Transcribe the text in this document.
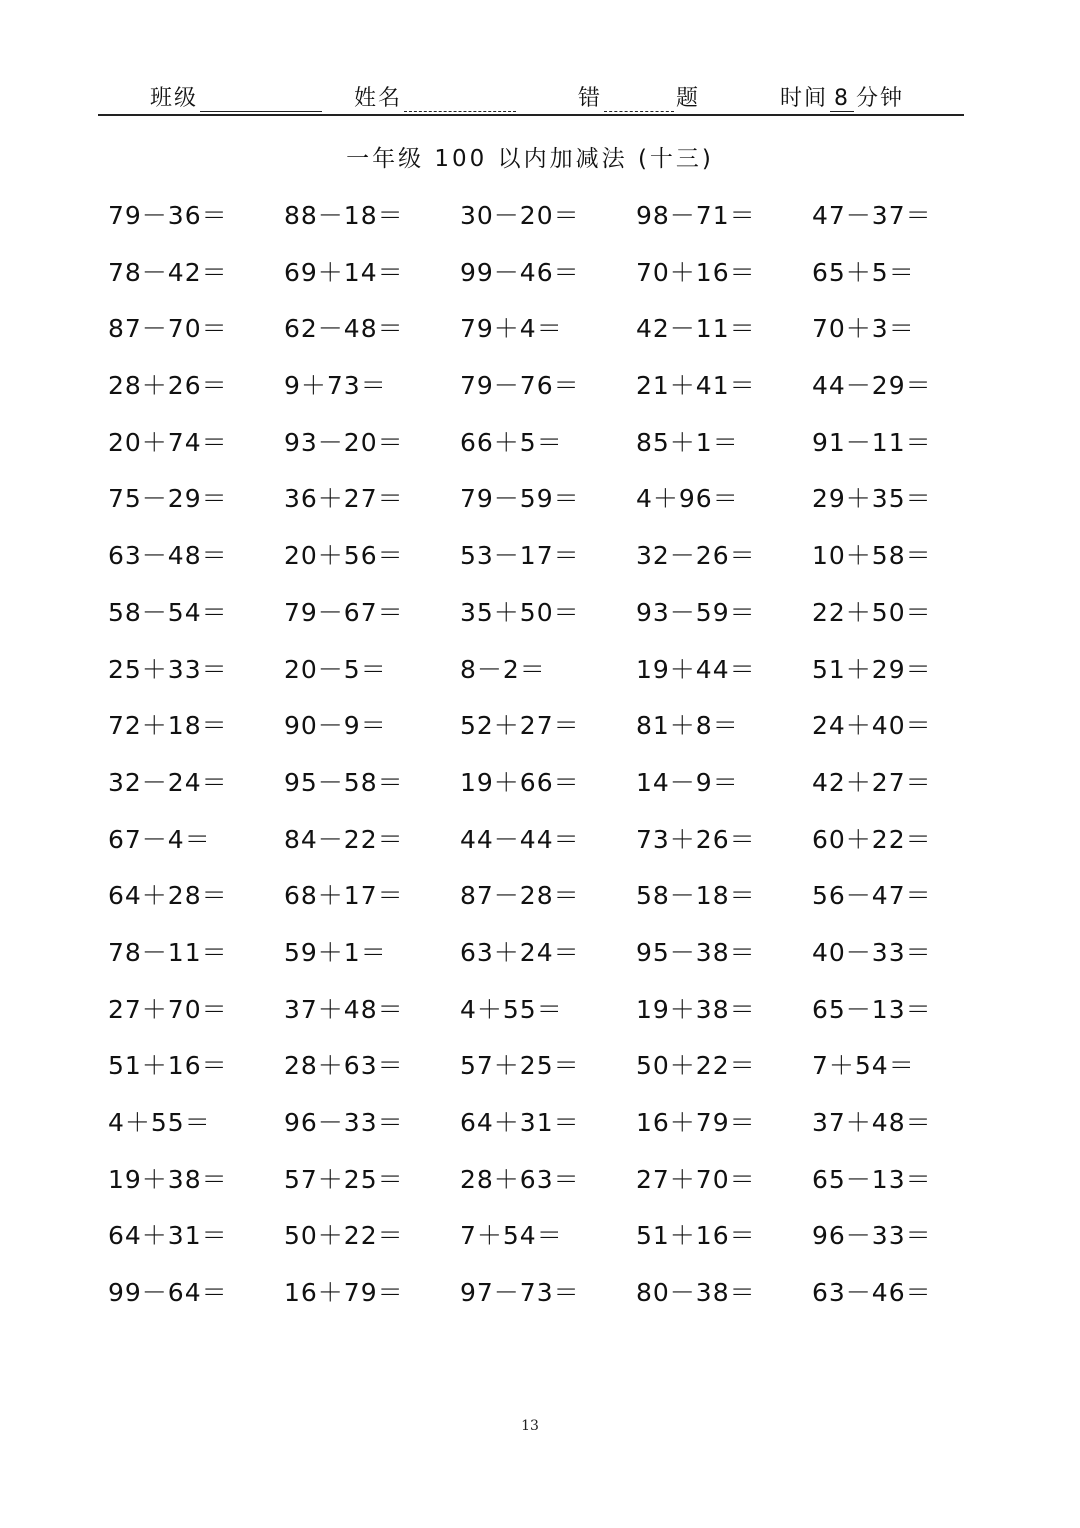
班级	姓名	错	题	时间 8 分钟
一年级 100 以内加减法 (十三)
79－36＝	88－18＝	30－20＝	98－71＝	47－37＝
78－42＝	69＋14＝	99－46＝	70＋16＝	65＋5＝
87－70＝	62－48＝	79＋4＝	42－11＝	70＋3＝
28＋26＝	9＋73＝	79－76＝	21＋41＝	44－29＝
20＋74＝	93－20＝	66＋5＝	85＋1＝	91－11＝
75－29＝	36＋27＝	79－59＝	4＋96＝	29＋35＝
63－48＝	20＋56＝	53－17＝	32－26＝	10＋58＝
58－54＝	79－67＝	35＋50＝	93－59＝	22＋50＝
25＋33＝	20－5＝	8－2＝	19＋44＝	51＋29＝
72＋18＝	90－9＝	52＋27＝	81＋8＝	24＋40＝
32－24＝	95－58＝	19＋66＝	14－9＝	42＋27＝
67－4＝	84－22＝	44－44＝	73＋26＝	60＋22＝
64＋28＝	68＋17＝	87－28＝	58－18＝	56－47＝
78－11＝	59＋1＝	63＋24＝	95－38＝	40－33＝
27＋70＝	37＋48＝	4＋55＝	19＋38＝	65－13＝
51＋16＝	28＋63＝	57＋25＝	50＋22＝	7＋54＝
4＋55＝	96－33＝	64＋31＝	16＋79＝	37＋48＝
19＋38＝	57＋25＝	28＋63＝	27＋70＝	65－13＝
64＋31＝	50＋22＝	7＋54＝	51＋16＝	96－33＝
99－64＝	16＋79＝	97－73＝	80－38＝	63－46＝
13
